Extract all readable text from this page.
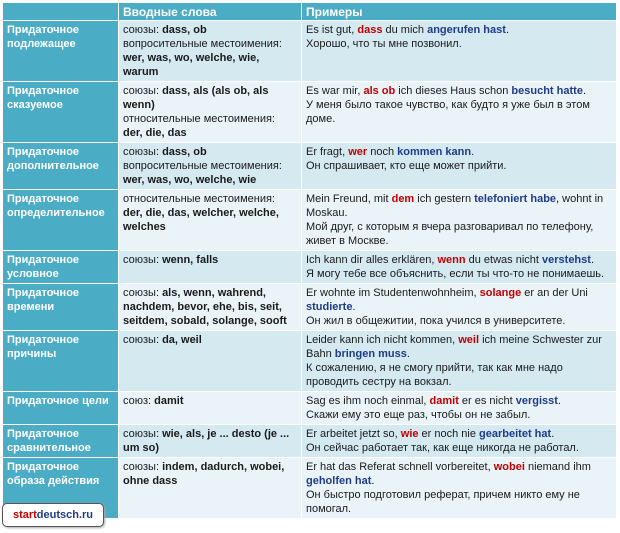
	Вводные слова	Примеры
Придаточное подлежащее	союзы: dass, ob
вопросительные местоимения: wer, was, wo, welche, wie, warum	Es ist gut, dass du mich angerufen hast.
Хорошо, что ты мне позвонил.

Придаточное сказуемое	союзы: dass, als (als ob, als wenn)
относительные местоимения: der, die, das	Es war mir, als ob ich dieses Haus schon besucht hatte.
У меня было такое чувство, как будто я уже был в этом доме.

Придаточное дополнительное	союзы: dass, ob
вопросительные местоимения: wer, was, wo, welche, wie	Er fragt, wer noch kommen kann.
Он спрашивает, кто еще может прийти.

Придаточное определительное	относительные местоимения: der, die, das, welcher, welche, welches	Mein Freund, mit dem ich gestern telefoniert habe, wohnt in Moskau.
Мой друг, с которым я вчера разговаривал по телефону, живет в Москве.

Придаточное условное	союзы: wenn, falls	Ich kann dir alles erklären, wenn du etwas nicht verstehst.
Я могу тебе все объяснить, если ты что-то не понимаешь.

Придаточное времени	союзы: als, wenn, wahrend, nachdem, bevor, ehe, bis, seit, seitdem, sobald, solange, sooft	Er wohnte im Studentenwohnheim, solange er an der Uni studierte.
Он жил в общежитии, пока учился в университете.

Придаточное причины	союзы: da, weil	Leider kann ich nicht kommen, weil ich meine Schwester zur Bahn bringen muss.
К сожалению, я не смогу прийти, так как мне надо проводить сестру на вокзал.

Придаточное цели	союз: damit	Sag es ihm noch einmal, damit er es nicht vergisst.
Скажи ему это еще раз, чтобы он не забыл.

Придаточное сравнительное	союзы: wie, als, je ... desto (je ... um so)	Er arbeitet jetzt so, wie er noch nie gearbeitet hat.
Он сейчас работает так, как еще никогда не работал.

Придаточное образа действия	союзы: indem, dadurch, wobei, ohne dass	Er hat das Referat schnell vorbereitet, wobei niemand ihm geholfen hat.
Он быстро подготовил реферат, причем никто ему не помогал.
startdeutsch.ru
